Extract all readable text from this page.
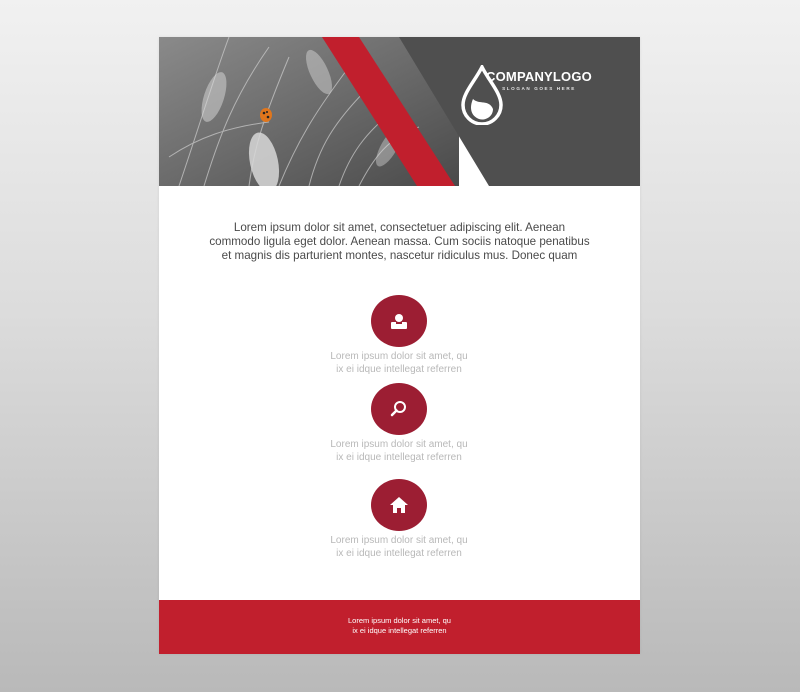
COMPANYLOGO
SLOGAN GOES HERE
Lorem ipsum dolor sit amet, consectetuer adipiscing elit. Aenean
commodo ligula eget dolor. Aenean massa. Cum sociis natoque penatibus
et magnis dis parturient montes, nascetur ridiculus mus. Donec quam
Lorem ipsum dolor sit amet, qu
ix ei idque intellegat referren
Lorem ipsum dolor sit amet, qu
ix ei idque intellegat referren
Lorem ipsum dolor sit amet, qu
ix ei idque intellegat referren
Lorem ipsum dolor sit amet, qu
ix ei idque intellegat referren
